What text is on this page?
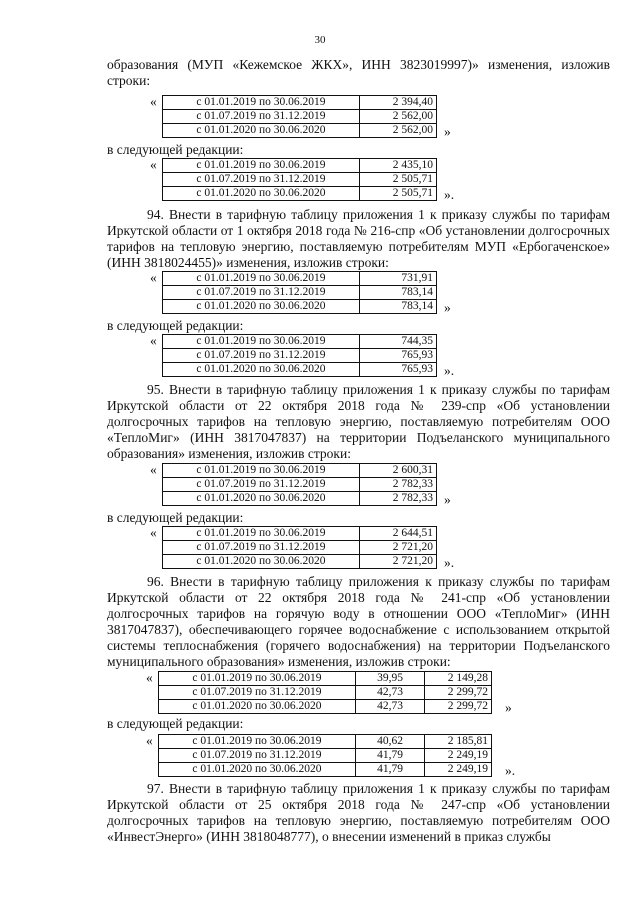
30

образования (МУП «Кежемское ЖКХ», ИНН 3823019997)» изменения, изложив строки:

«	с 01.01.2019 по 30.06.2019	2 394,40
с 01.07.2019 по 31.12.2019	2 562,00
с 01.01.2020 по 30.06.2020	2 562,00 »
в следующей редакции:
«	с 01.01.2019 по 30.06.2019	2 435,10
с 01.07.2019 по 31.12.2019	2 505,71
с 01.01.2020 по 30.06.2020	2 505,71 ».

94. Внести в тарифную таблицу приложения 1 к приказу службы по тарифам Иркутской области от 1 октября 2018 года № 216-спр «Об установлении долгосрочных тарифов на тепловую энергию, поставляемую потребителям МУП «Ербогаченское» (ИНН 3818024455)» изменения, изложив строки:

«	с 01.01.2019 по 30.06.2019	731,91
с 01.07.2019 по 31.12.2019	783,14
с 01.01.2020 по 30.06.2020	783,14 »
в следующей редакции:
«	с 01.01.2019 по 30.06.2019	744,35
с 01.07.2019 по 31.12.2019	765,93
с 01.01.2020 по 30.06.2020	765,93 ».

95. Внести в тарифную таблицу приложения 1 к приказу службы по тарифам Иркутской области от 22 октября 2018 года № 239-спр «Об установлении долгосрочных тарифов на тепловую энергию, поставляемую потребителям ООО «ТеплоМиг» (ИНН 3817047837) на территории Подъеланского муниципального образования» изменения, изложив строки:

«	с 01.01.2019 по 30.06.2019	2 600,31
с 01.07.2019 по 31.12.2019	2 782,33
с 01.01.2020 по 30.06.2020	2 782,33 »
в следующей редакции:
«	с 01.01.2019 по 30.06.2019	2 644,51
с 01.07.2019 по 31.12.2019	2 721,20
с 01.01.2020 по 30.06.2020	2 721,20 ».

96. Внести в тарифную таблицу приложения к приказу службы по тарифам Иркутской области от 22 октября 2018 года № 241-спр «Об установлении долгосрочных тарифов на горячую воду в отношении ООО «ТеплоМиг» (ИНН 3817047837), обеспечивающего горячее водоснабжение с использованием открытой системы теплоснабжения (горячего водоснабжения) на территории Подъеланского муниципального образования» изменения, изложив строки:

«	с 01.01.2019 по 30.06.2019	39,95	2 149,28
с 01.07.2019 по 31.12.2019	42,73	2 299,72
с 01.01.2020 по 30.06.2020	42,73	2 299,72 »
в следующей редакции:
«	с 01.01.2019 по 30.06.2019	40,62	2 185,81
с 01.07.2019 по 31.12.2019	41,79	2 249,19
с 01.01.2020 по 30.06.2020	41,79	2 249,19 ».

97. Внести в тарифную таблицу приложения 1 к приказу службы по тарифам Иркутской области от 25 октября 2018 года № 247-спр «Об установлении долгосрочных тарифов на тепловую энергию, поставляемую потребителям ООО «ИнвестЭнерго» (ИНН 3818048777), о внесении изменений в приказ службы
